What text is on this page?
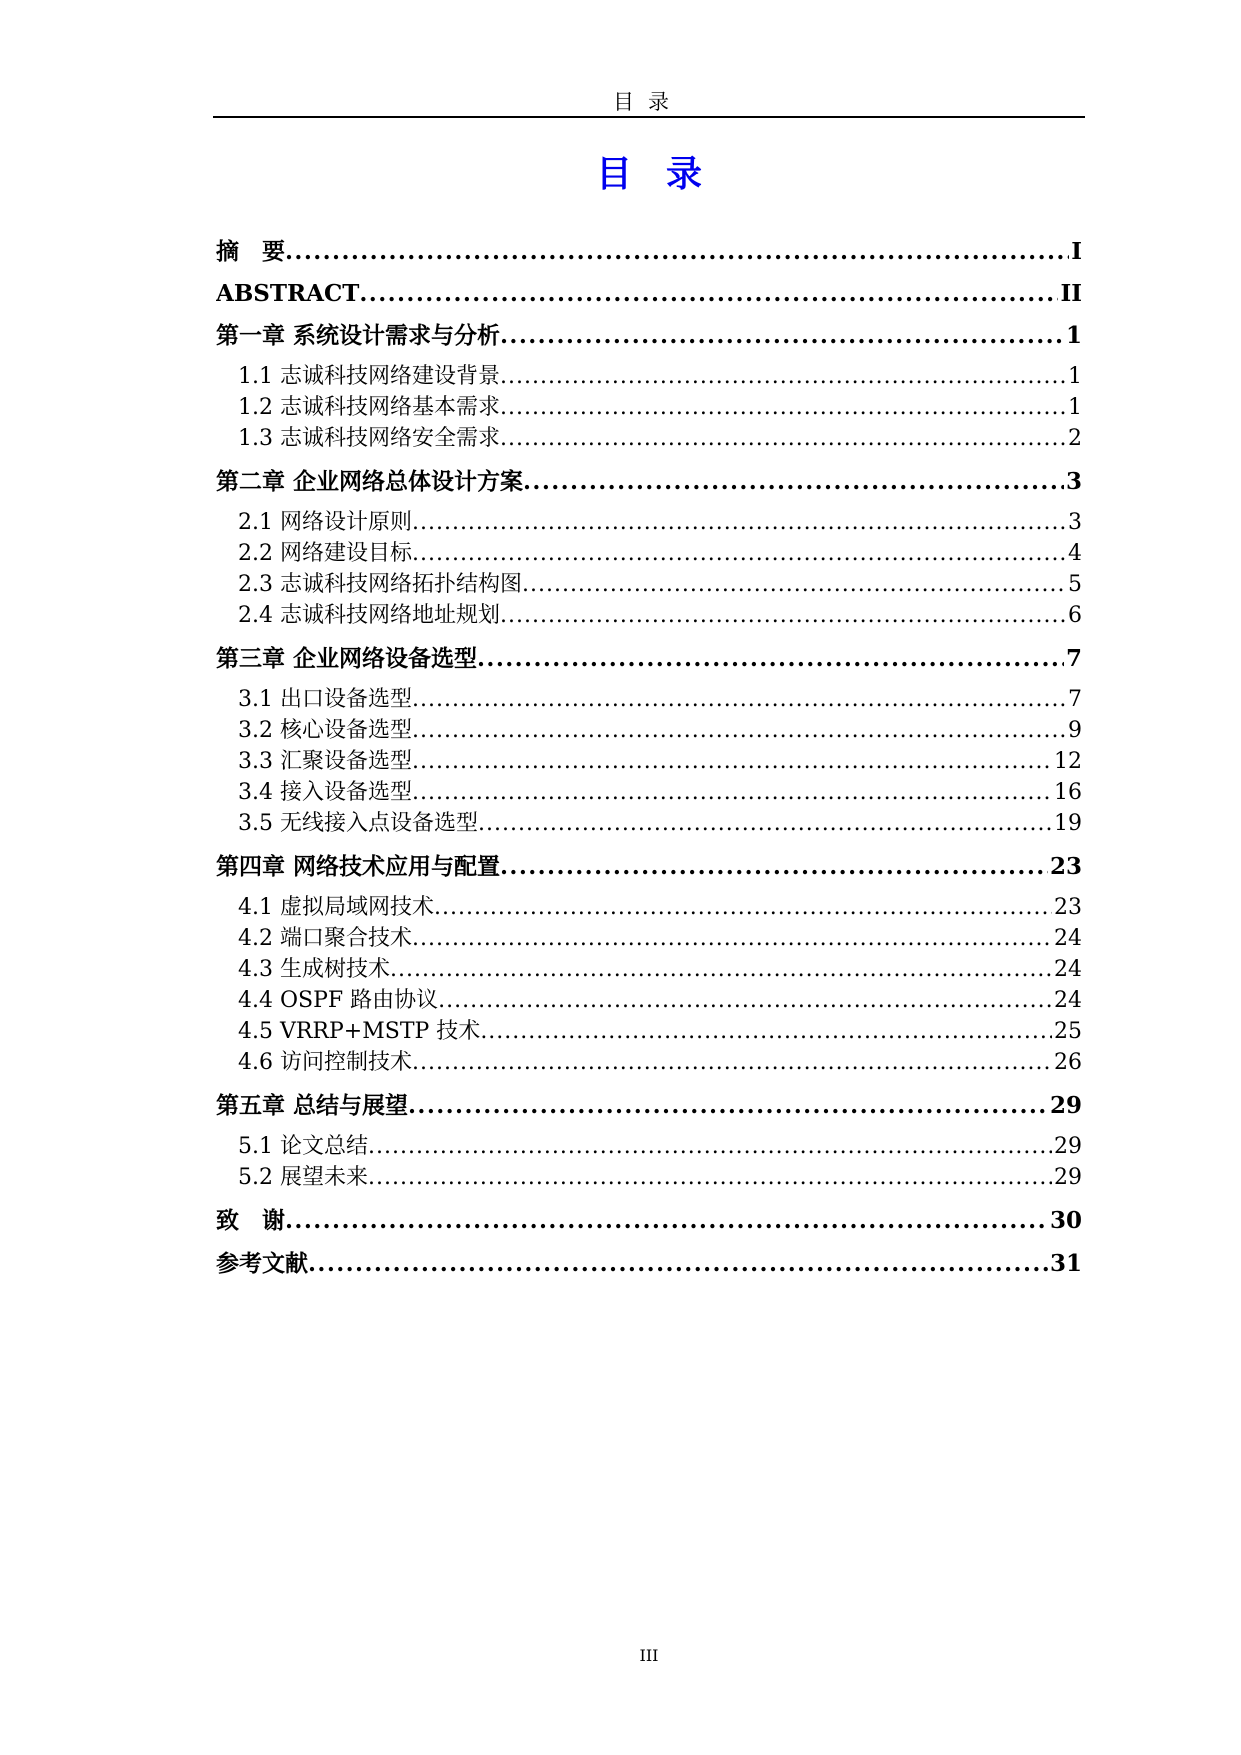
目录
目录
摘　要 .....	I
ABSTRACT .....	II
第一章 系统设计需求与分析 .....	1
1.1 志诚科技网络建设背景 .....	1
1.2 志诚科技网络基本需求 .....	1
1.3 志诚科技网络安全需求 .....	2
第二章 企业网络总体设计方案 .....	3
2.1 网络设计原则 .....	3
2.2 网络建设目标 .....	4
2.3 志诚科技网络拓扑结构图 .....	5
2.4 志诚科技网络地址规划 .....	6
第三章 企业网络设备选型 .....	7
3.1 出口设备选型 .....	7
3.2 核心设备选型 .....	9
3.3 汇聚设备选型 .....	12
3.4 接入设备选型 .....	16
3.5 无线接入点设备选型 .....	19
第四章 网络技术应用与配置 .....	23
4.1 虚拟局域网技术 .....	23
4.2 端口聚合技术 .....	24
4.3 生成树技术 .....	24
4.4 OSPF 路由协议 .....	24
4.5 VRRP+MSTP 技术 .....	25
4.6 访问控制技术 .....	26
第五章 总结与展望 .....	29
5.1 论文总结 .....	29
5.2 展望未来 .....	29
致　谢 .....	30
参考文献 .....	31
III
